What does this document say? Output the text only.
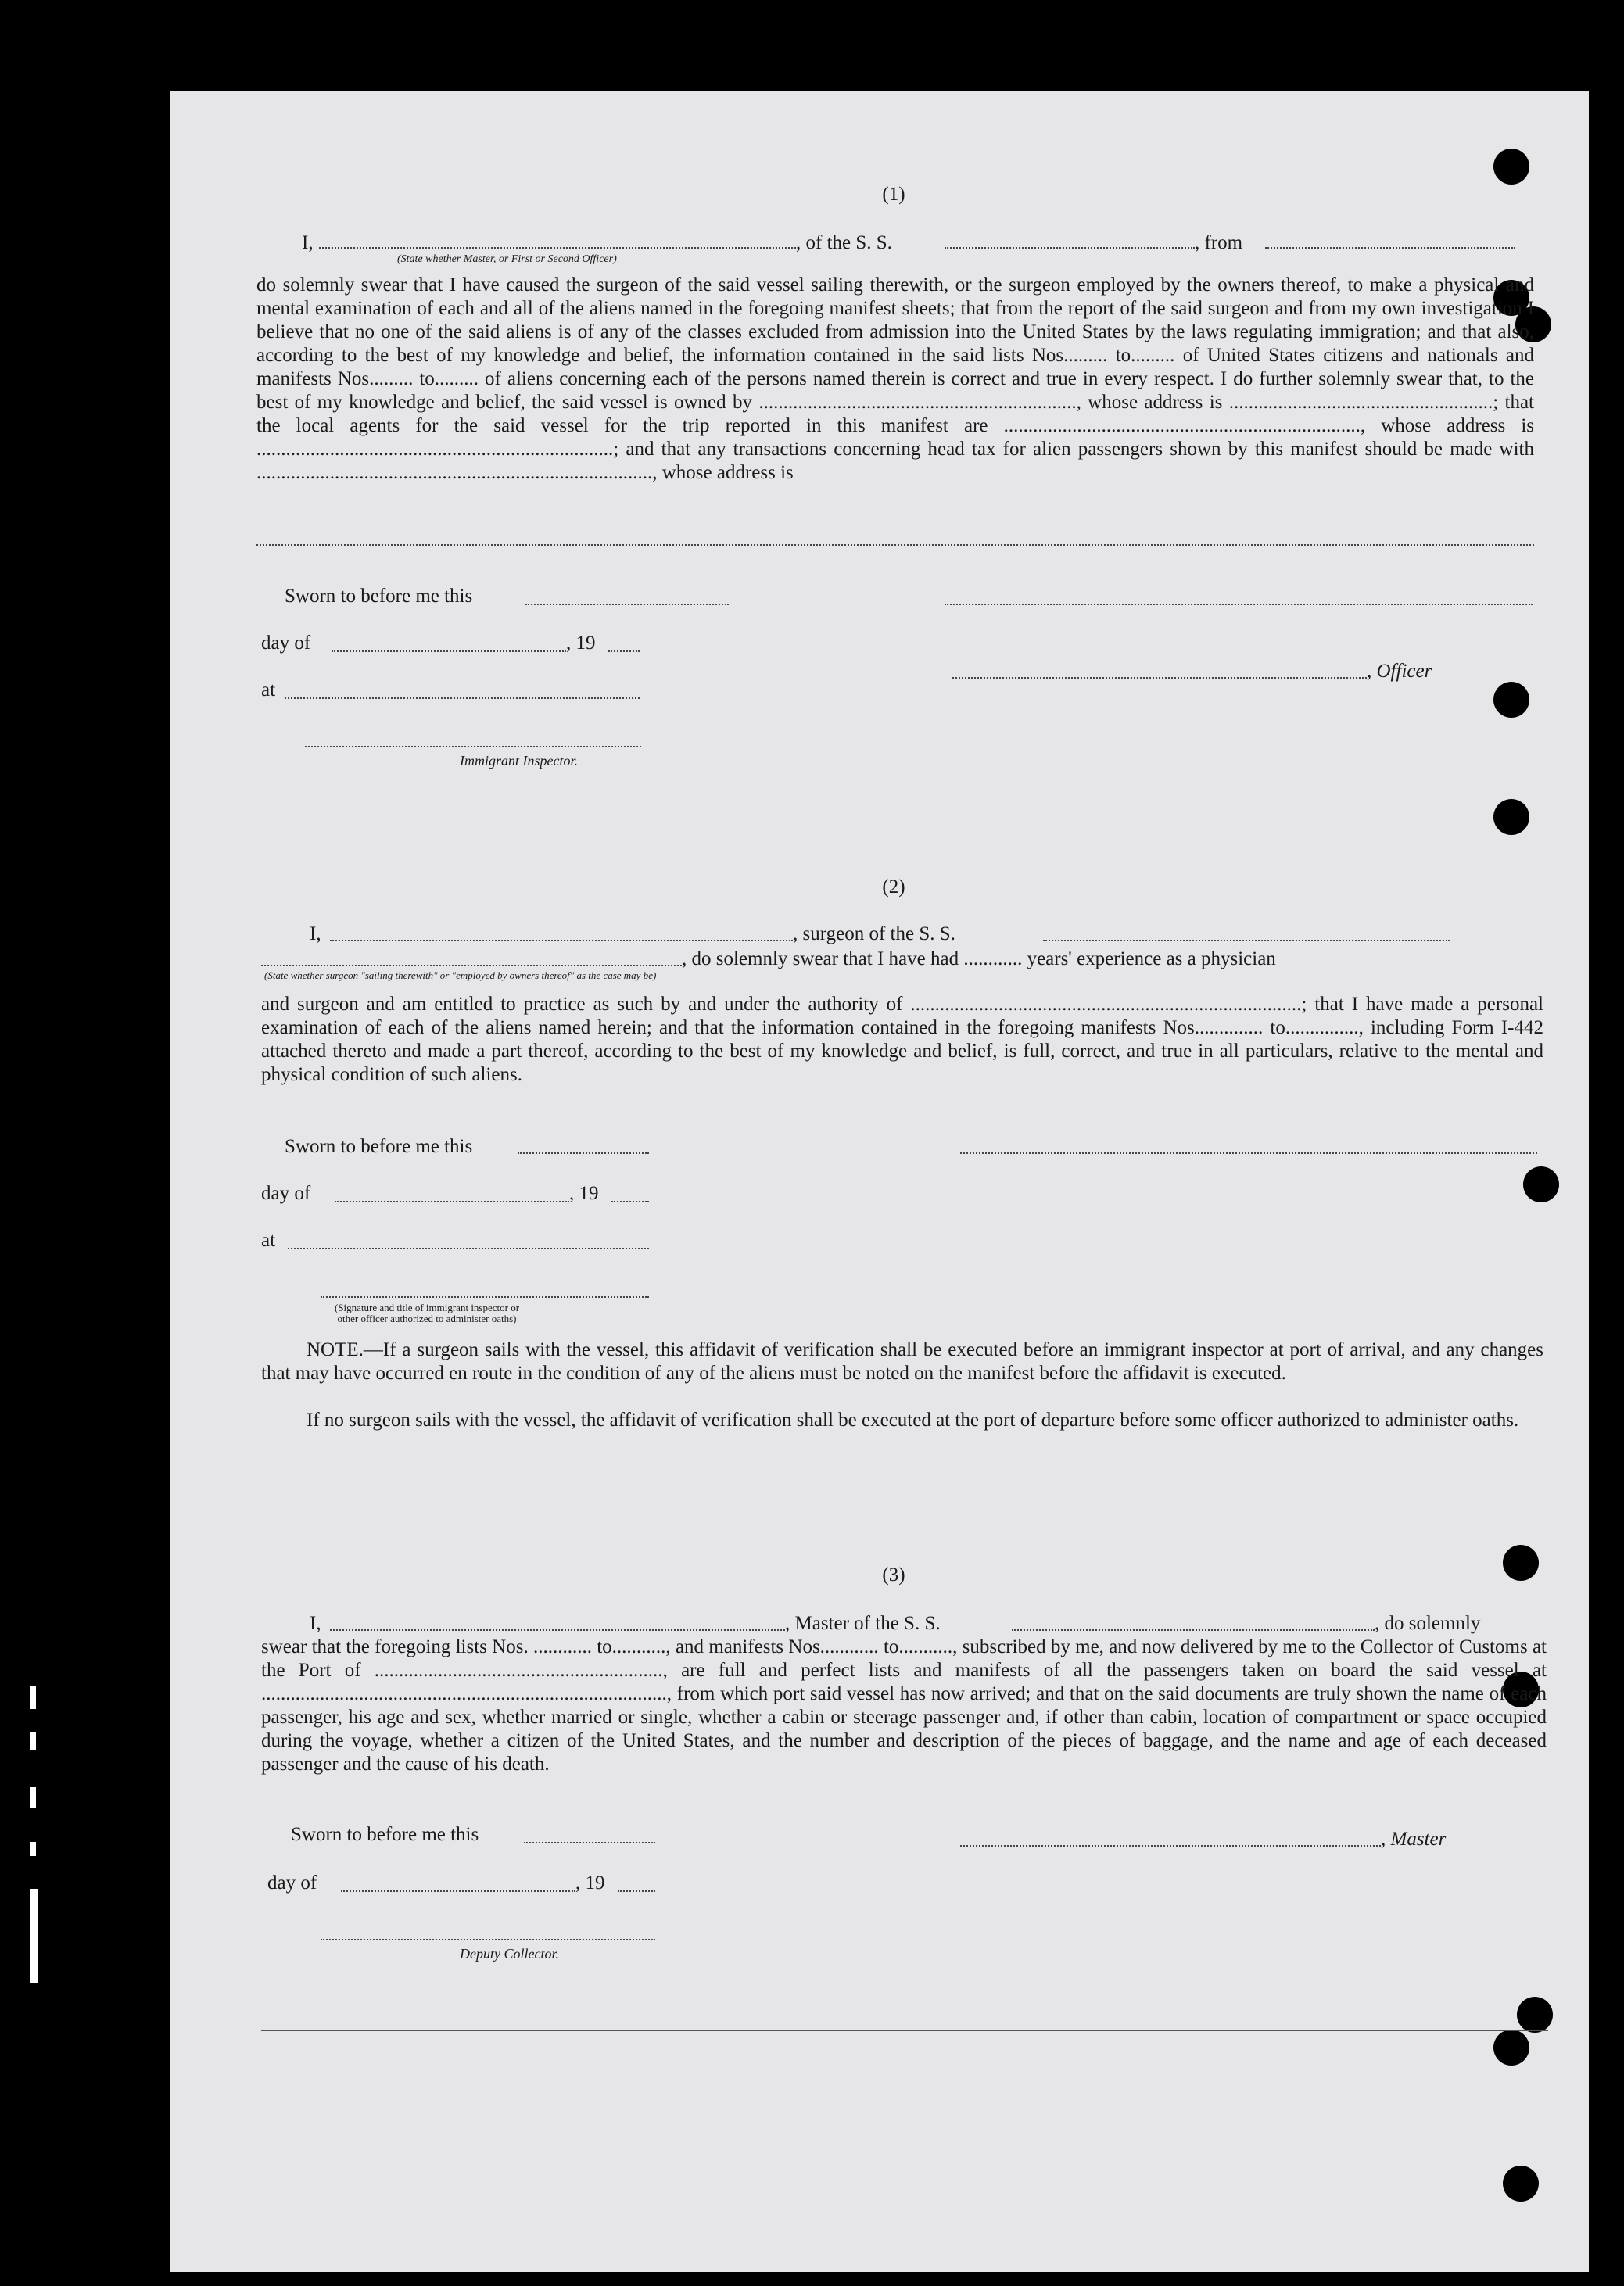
(1)
I,	, of the S. S.	, from
(State whether Master, or First or Second Officer)
do solemnly swear that I have caused the surgeon of the said vessel sailing therewith, or the surgeon employed by the owners thereof, to make a physical and mental examination of each and all of the aliens named in the foregoing manifest sheets; that from the report of the said surgeon and from my own investigation I believe that no one of the said aliens is of any of the classes excluded from admission into the United States by the laws regulating immigration; and that also, according to the best of my knowledge and belief, the information contained in the said lists Nos......... to......... of United States citizens and nationals and manifests Nos......... to......... of aliens concerning each of the persons named therein is correct and true in every respect. I do further solemnly swear that, to the best of my knowledge and belief, the said vessel is owned by ................................................................., whose address is ......................................................; that the local agents for the said vessel for the trip reported in this manifest are ........................................................................., whose address is .........................................................................; and that any transactions concerning head tax for alien passengers shown by this manifest should be made with ................................................................................., whose address is
Sworn to before me this
day of	, 19
, Officer
at
Immigrant Inspector.
(2)
I,	, surgeon of the S. S.
, do solemnly swear that I have had ............ years' experience as a physician
(State whether surgeon "sailing therewith" or "employed by owners thereof" as the case may be)
and surgeon and am entitled to practice as such by and under the authority of ................................................................................; that I have made a personal examination of each of the aliens named herein; and that the information contained in the foregoing manifests Nos.............. to..............., including Form I-442 attached thereto and made a part thereof, according to the best of my knowledge and belief, is full, correct, and true in all particulars, relative to the mental and physical condition of such aliens.
Sworn to before me this
day of	, 19
at
(Signature and title of immigrant inspector or other officer authorized to administer oaths)
NOTE.—If a surgeon sails with the vessel, this affidavit of verification shall be executed before an immigrant inspector at port of arrival, and any changes that may have occurred en route in the condition of any of the aliens must be noted on the manifest before the affidavit is executed.
If no surgeon sails with the vessel, the affidavit of verification shall be executed at the port of departure before some officer authorized to administer oaths.
(3)
I,	, Master of the S. S.	, do solemnly
swear that the foregoing lists Nos. ............ to..........., and manifests Nos............ to..........., subscribed by me, and now delivered by me to the Collector of Customs at the Port of ..........................................................., are full and perfect lists and manifests of all the passengers taken on board the said vessel at ..................................................................................., from which port said vessel has now arrived; and that on the said documents are truly shown the name of each passenger, his age and sex, whether married or single, whether a cabin or steerage passenger and, if other than cabin, location of compartment or space occupied during the voyage, whether a citizen of the United States, and the number and description of the pieces of baggage, and the name and age of each deceased passenger and the cause of his death.
Sworn to before me this	, Master
day of	, 19
Deputy Collector.
